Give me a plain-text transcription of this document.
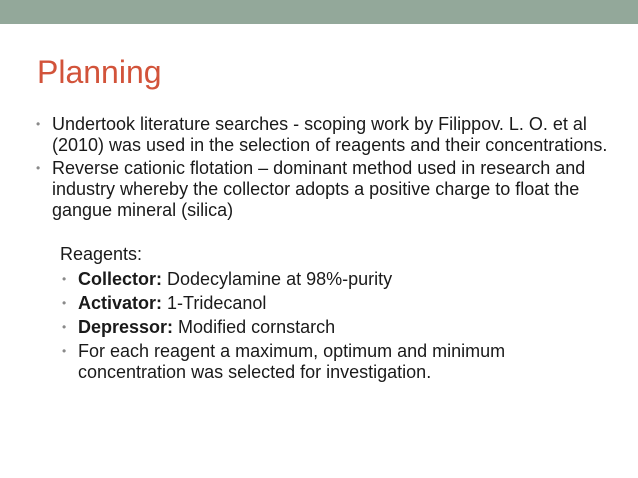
Planning
• Undertook literature searches - scoping work by Filippov. L. O. et al (2010) was used in the selection of reagents and their concentrations.
• Reverse cationic flotation – dominant method used in research and industry whereby the collector adopts a positive charge to float the gangue mineral (silica)
Reagents:
• Collector: Dodecylamine at 98%-purity
• Activator: 1-Tridecanol
• Depressor: Modified cornstarch
• For each reagent a maximum, optimum and minimum concentration was selected for investigation.
